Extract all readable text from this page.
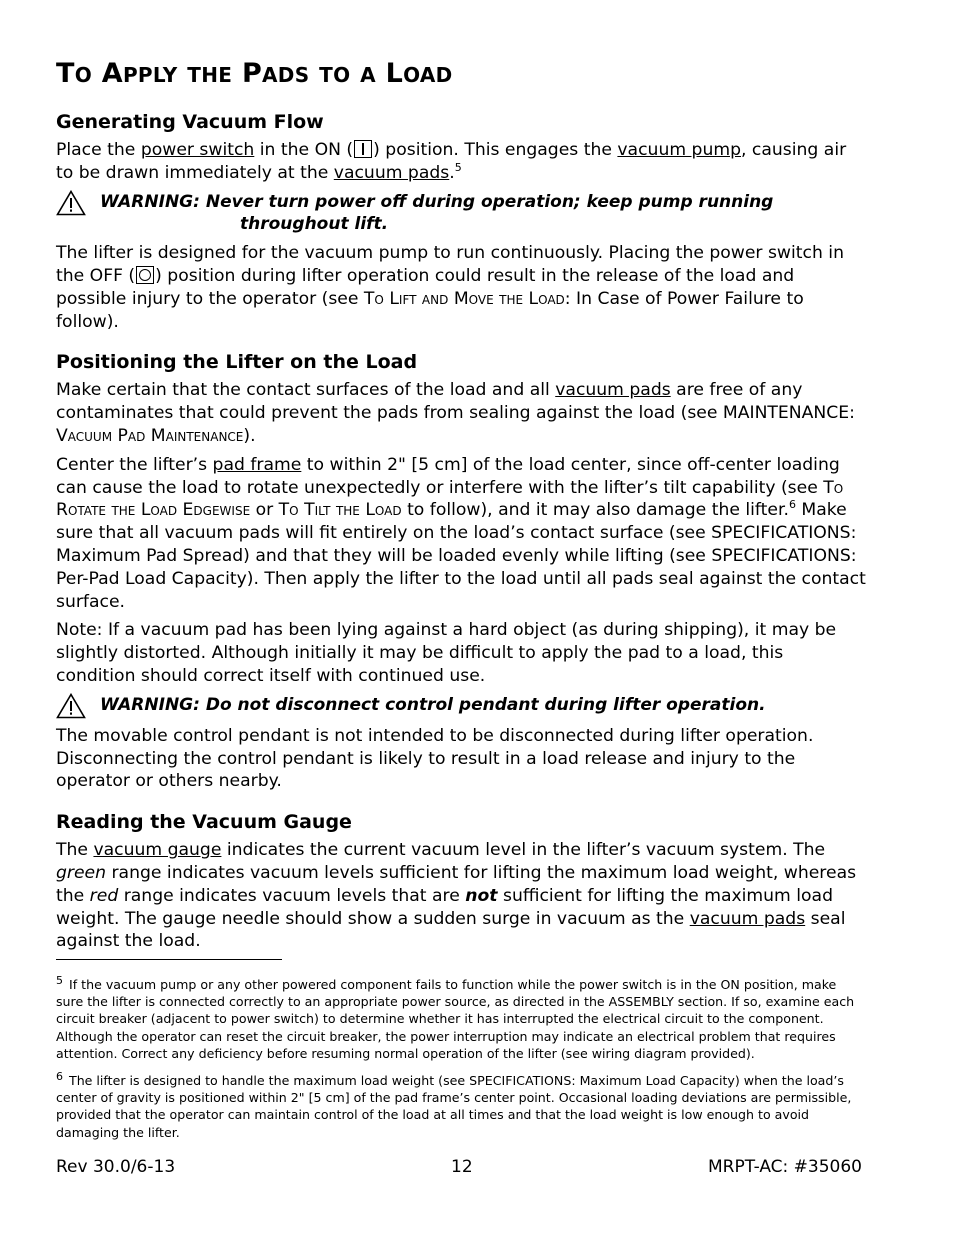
TO APPLY THE PADS TO A LOAD
Generating Vacuum Flow

Place the power switch in the ON ( ) position. This engages the vacuum pump, causing air to be drawn immediately at the vacuum pads.$^5$

WARNING: Never turn power off during operation; keep pump running
throughout lift.

The lifter is designed for the vacuum pump to run continuously. Placing the power switch in the OFF ( ) position during lifter operation could result in the release of the load and possible injury to the operator (see To Lift and Move the Load: In Case of Power Failure to follow).

Positioning the Lifter on the Load

Make certain that the contact surfaces of the load and all vacuum pads are free of any contaminates that could prevent the pads from sealing against the load (see MAINTENANCE: Vacuum Pad Maintenance).

Center the lifter’s pad frame to within 2" [5 cm] of the load center, since off-center loading can cause the load to rotate unexpectedly or interfere with the lifter’s tilt capability (see To Rotate the Load Edgewise or To Tilt the Load to follow), and it may also damage the lifter.$^6$ Make sure that all vacuum pads will fit entirely on the load’s contact surface (see SPECIFICATIONS: Maximum Pad Spread) and that they will be loaded evenly while lifting (see SPECIFICATIONS: Per-Pad Load Capacity). Then apply the lifter to the load until all pads seal against the contact surface.

Note: If a vacuum pad has been lying against a hard object (as during shipping), it may be slightly distorted. Although initially it may be difficult to apply the pad to a load, this condition should correct itself with continued use.

WARNING: Do not disconnect control pendant during lifter operation.

The movable control pendant is not intended to be disconnected during lifter operation. Disconnecting the control pendant is likely to result in a load release and injury to the operator or others nearby.

Reading the Vacuum Gauge

The vacuum gauge indicates the current vacuum level in the lifter’s vacuum system. The green range indicates vacuum levels sufficient for lifting the maximum load weight, whereas the red range indicates vacuum levels that are not sufficient for lifting the maximum load weight. The gauge needle should show a sudden surge in vacuum as the vacuum pads seal against the load.

5 If the vacuum pump or any other powered component fails to function while the power switch is in the ON position, make sure the lifter is connected correctly to an appropriate power source, as directed in the ASSEMBLY section. If so, examine each circuit breaker (adjacent to power switch) to determine whether it has interrupted the electrical circuit to the component. Although the operator can reset the circuit breaker, the power interruption may indicate an electrical problem that requires attention. Correct any deficiency before resuming normal operation of the lifter (see wiring diagram provided).

6 The lifter is designed to handle the maximum load weight (see SPECIFICATIONS: Maximum Load Capacity) when the load’s center of gravity is positioned within 2" [5 cm] of the pad frame’s center point. Occasional loading deviations are permissible, provided that the operator can maintain control of the load at all times and that the load weight is low enough to avoid damaging the lifter.

Rev 30.0/6-13	12	MRPT-AC: #35060
